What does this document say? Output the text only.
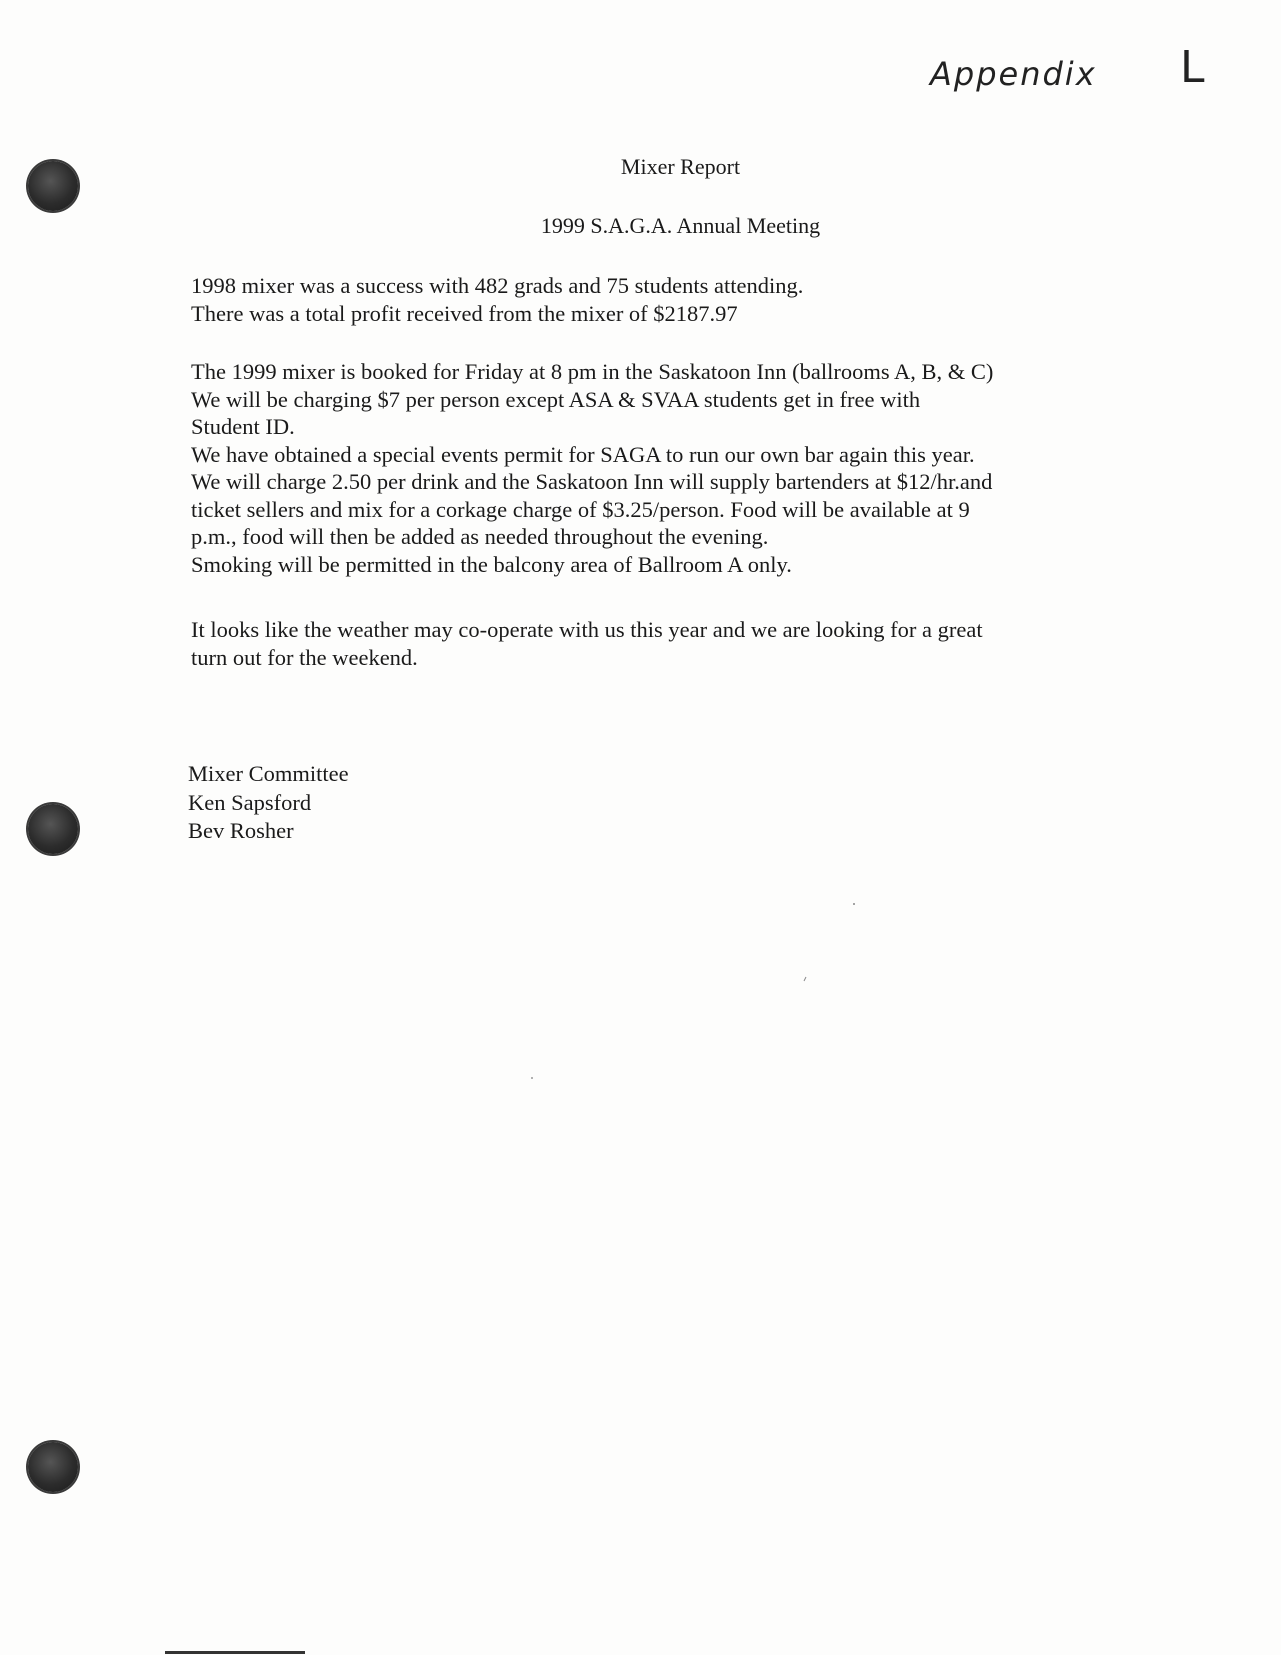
Appendix L
Mixer Report
1999 S.A.G.A. Annual Meeting

1998 mixer was a success with 482 grads and 75 students attending.
There was a total profit received from the mixer of $2187.97

The 1999 mixer is booked for Friday at 8 pm in the Saskatoon Inn (ballrooms A, B, & C)
We will be charging $7 per person except ASA & SVAA students get in free with
Student ID.
We have obtained a special events permit for SAGA to run our own bar again this year.
We will charge 2.50 per drink and the Saskatoon Inn will supply bartenders at $12/hr.and
ticket sellers and mix for a corkage charge of $3.25/person. Food will be available at 9
p.m., food will then be added as needed throughout the evening.
Smoking will be permitted in the balcony area of Ballroom A only.

It looks like the weather may co-operate with us this year and we are looking for a great
turn out for the weekend.

Mixer Committee
Ken Sapsford
Bev Rosher
